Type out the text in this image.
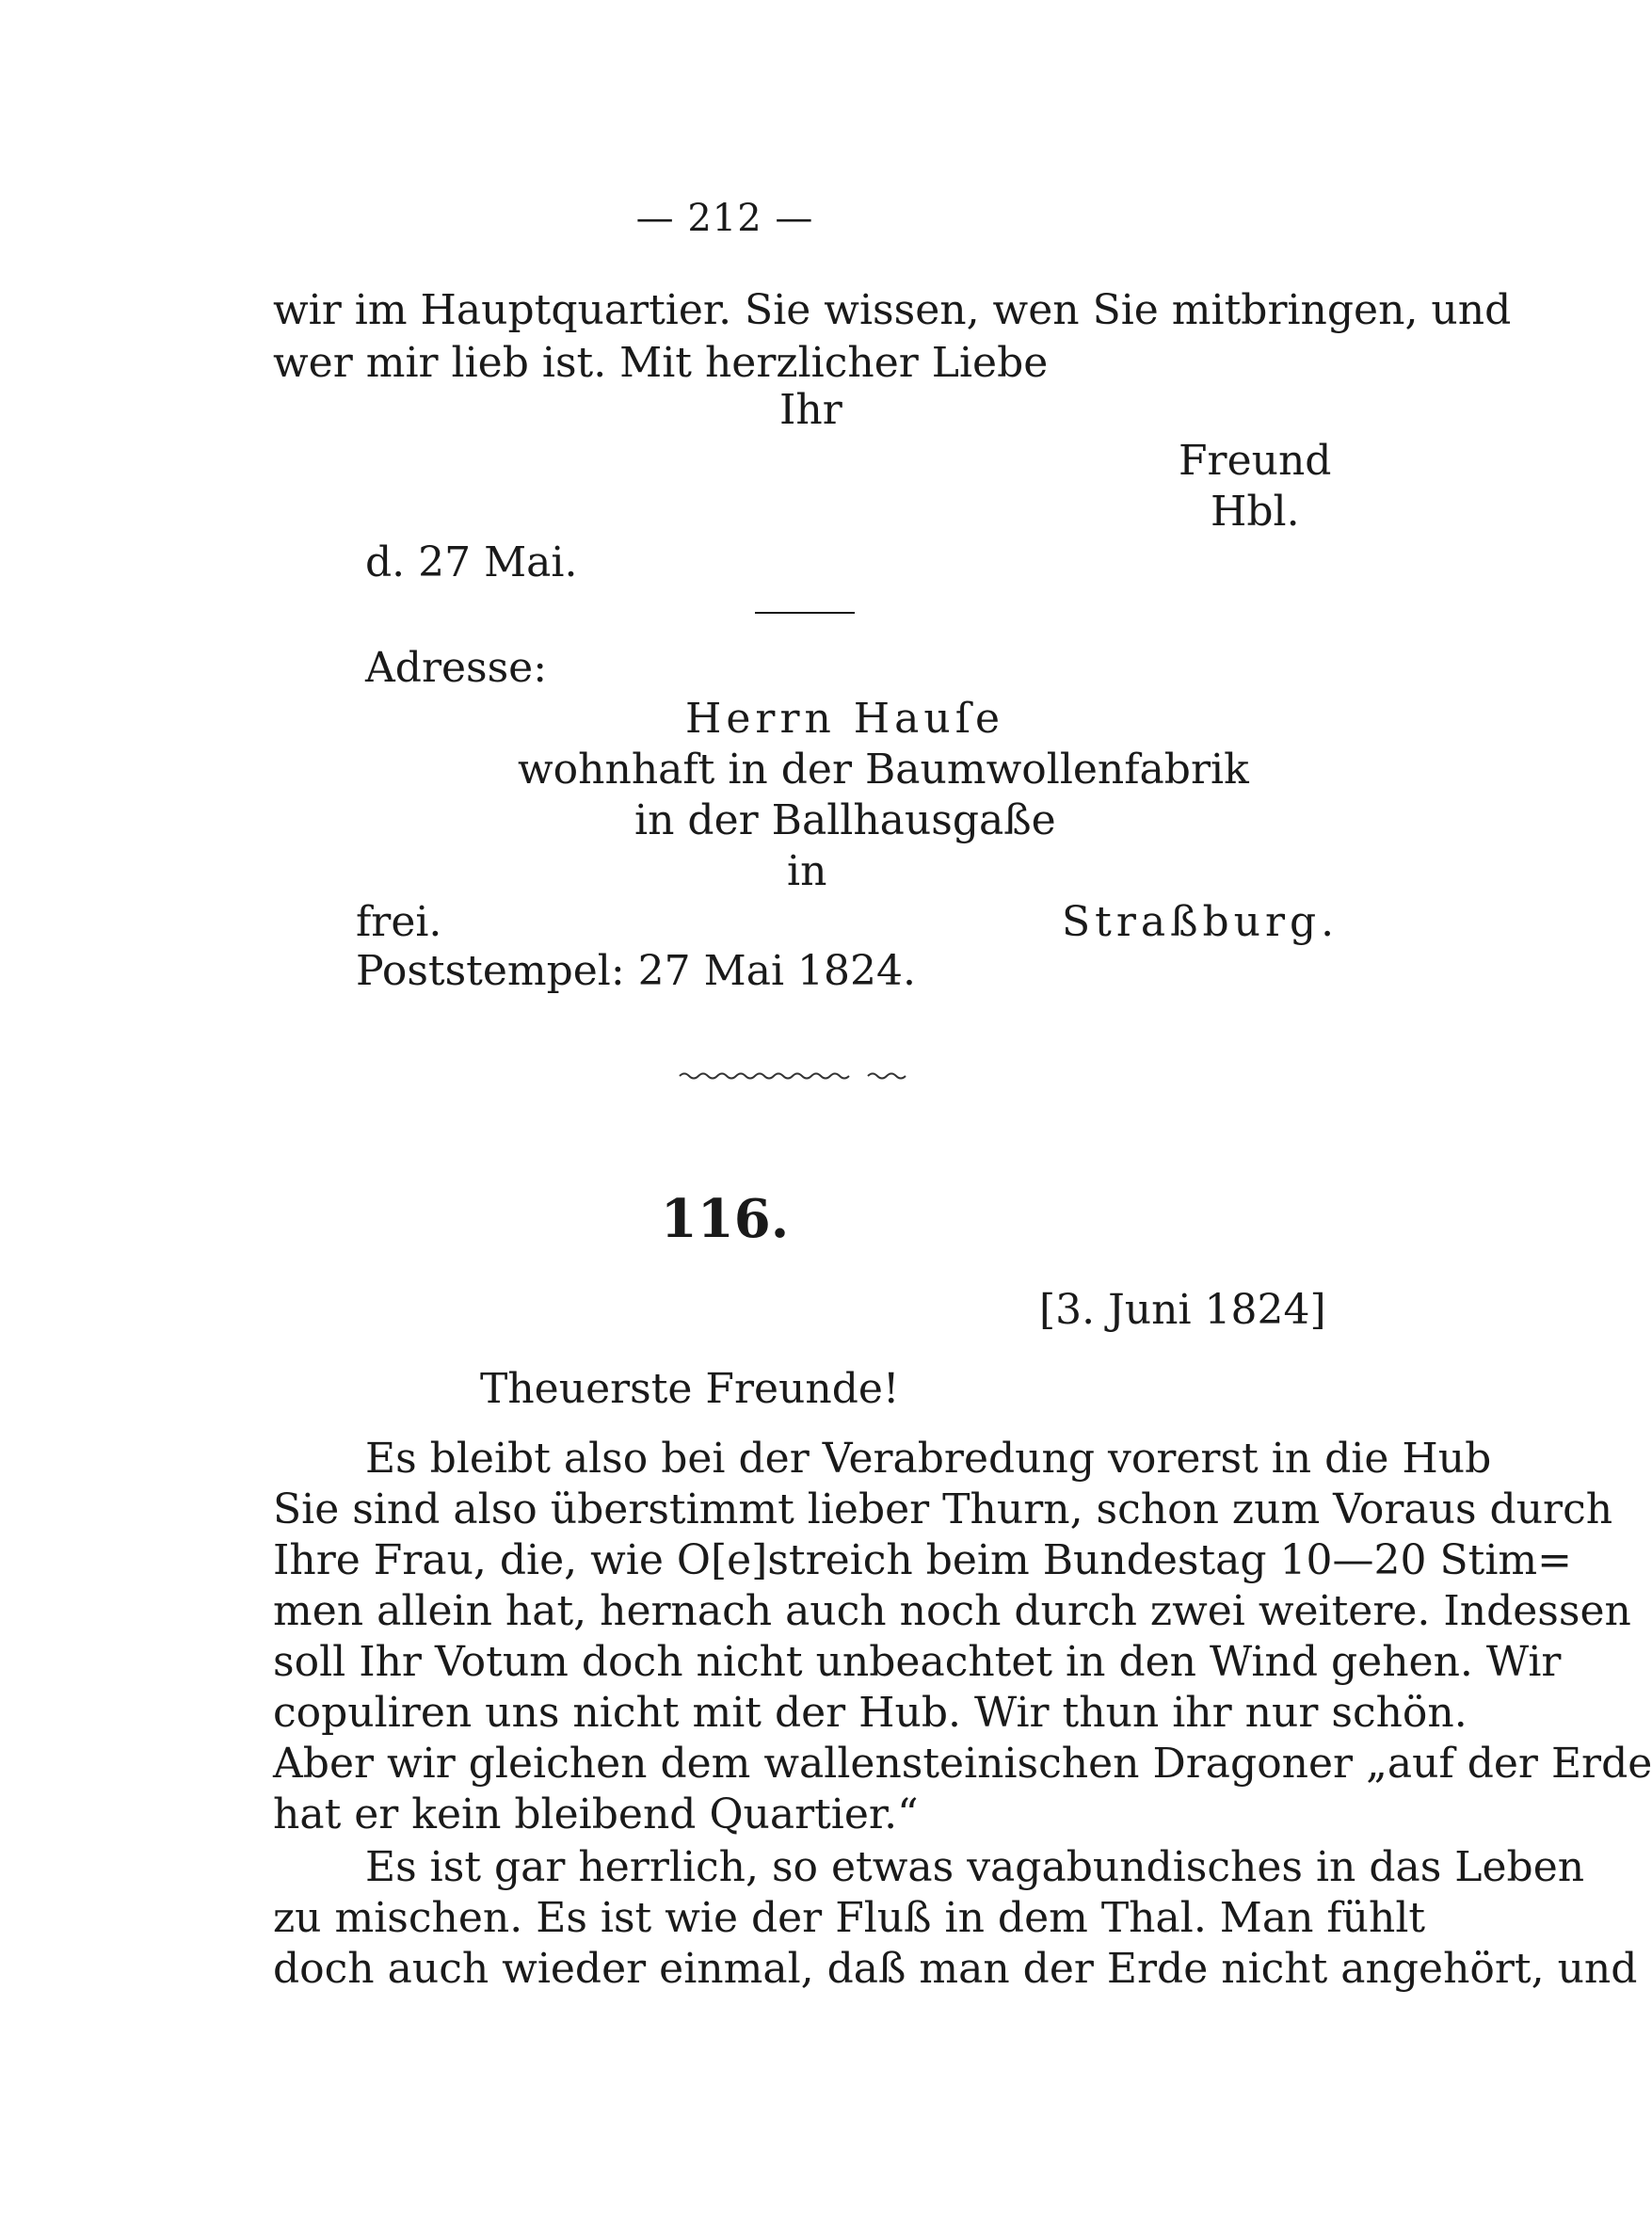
— 212 —
wir im Hauptquartier. Sie wissen, wen Sie mitbringen, und
wer mir lieb ist. Mit herzlicher Liebe
Ihr
Freund
Hbl.
d. 27 Mai.
Adresse:
Herrn Hauſe
wohnhaft in der Baumwollenfabrik
in der Ballhausgaße
in
frei.	Straßburg.
Poststempel: 27 Mai 1824.
116.
[3. Juni 1824]
Theuerste Freunde!
Es bleibt also bei der Verabredung vorerst in die Hub
Sie sind also überstimmt lieber Thurn, schon zum Voraus durch
Ihre Frau, die, wie O[e]streich beim Bundestag 10—20 Stim=
men allein hat, hernach auch noch durch zwei weitere. Indessen
soll Ihr Votum doch nicht unbeachtet in den Wind gehen. Wir
copuliren uns nicht mit der Hub. Wir thun ihr nur schön.
Aber wir gleichen dem wallensteinischen Dragoner „auf der Erde
hat er kein bleibend Quartier.“
Es ist gar herrlich, so etwas vagabundisches in das Leben
zu mischen. Es ist wie der Fluß in dem Thal. Man fühlt
doch auch wieder einmal, daß man der Erde nicht angehört, und
